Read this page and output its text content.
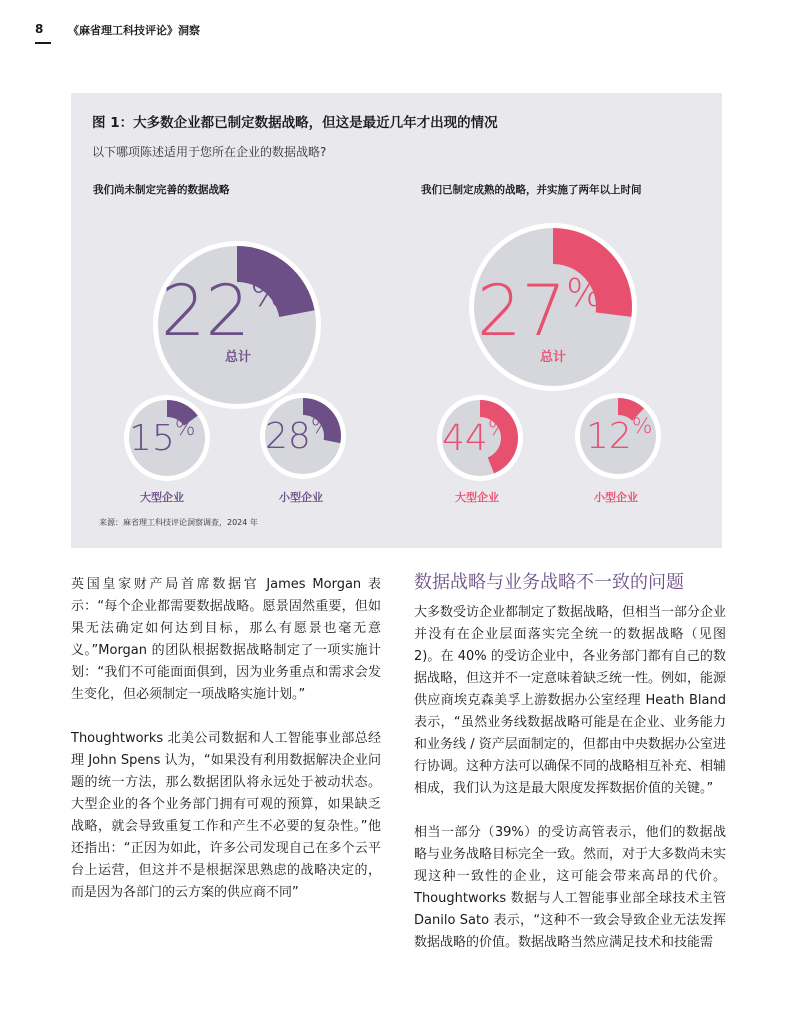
8 《麻省理工科技评论》洞察
图 1：大多数企业都已制定数据战略，但这是最近几年才出现的情况
以下哪项陈述适用于您所在企业的数据战略?
我们尚未制定完善的数据战略	我们已制定成熟的战略，并实施了两年以上时间
22%
总计
15%
大型企业
28%
小型企业
27%
总计
44%
大型企业
12%
小型企业
来源：麻省理工科技评论洞察调查，2024 年

英国皇家财产局首席数据官 James Morgan 表示：“每个企业都需要数据战略。愿景固然重要，但如果无法确定如何达到目标，那么有愿景也毫无意义。”Morgan 的团队根据数据战略制定了一项实施计划：“我们不可能面面俱到，因为业务重点和需求会发生变化，但必须制定一项战略实施计划。”

Thoughtworks 北美公司数据和人工智能事业部总经理 John Spens 认为，“如果没有利用数据解决企业问题的统一方法，那么数据团队将永远处于被动状态。大型企业的各个业务部门拥有可观的预算，如果缺乏战略，就会导致重复工作和产生不必要的复杂性。”他还指出：“正因为如此，许多公司发现自己在多个云平台上运营，但这并不是根据深思熟虑的战略决定的，而是因为各部门的云方案的供应商不同”

数据战略与业务战略不一致的问题

大多数受访企业都制定了数据战略，但相当一部分企业并没有在企业层面落实完全统一的数据战略（见图 2)。在 40% 的受访企业中，各业务部门都有自己的数据战略，但这并不一定意味着缺乏统一性。例如，能源供应商埃克森美孚上游数据办公室经理 Heath Bland 表示，“虽然业务线数据战略可能是在企业、业务能力和业务线 / 资产层面制定的，但都由中央数据办公室进行协调。这种方法可以确保不同的战略相互补充、相辅相成，我们认为这是最大限度发挥数据价值的关键。”

相当一部分（39%）的受访高管表示，他们的数据战略与业务战略目标完全一致。然而，对于大多数尚未实现这种一致性的企业，这可能会带来高昂的代价。Thoughtworks 数据与人工智能事业部全球技术主管 Danilo Sato 表示，“这种不一致会导致企业无法发挥数据战略的价值。数据战略当然应满足技术和技能需
